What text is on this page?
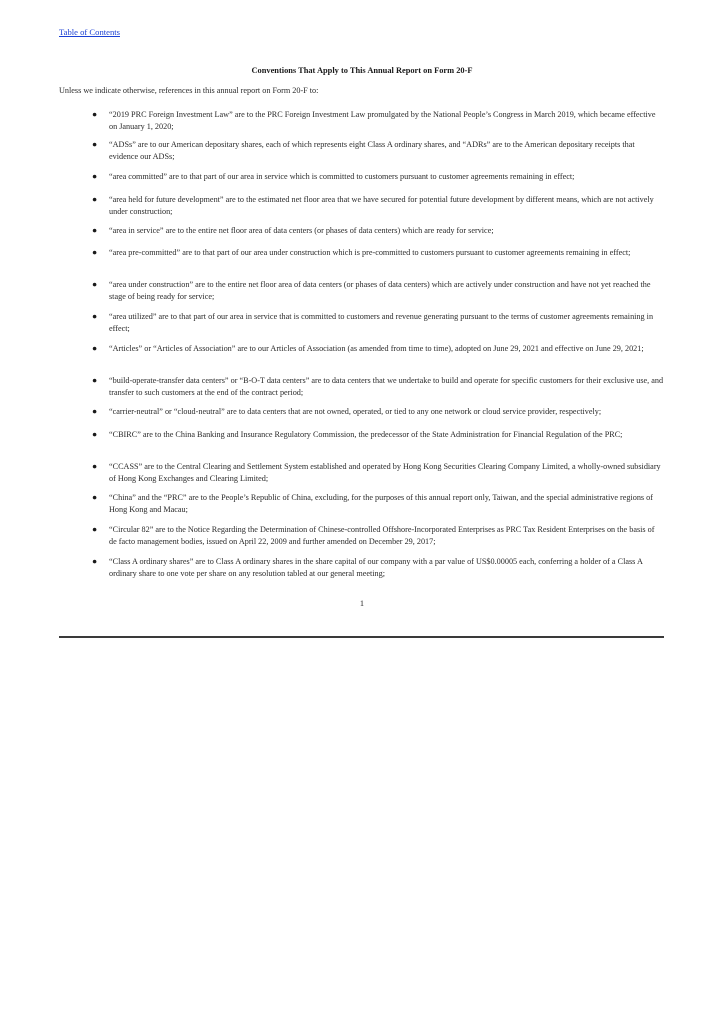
Table of Contents
Conventions That Apply to This Annual Report on Form 20-F
Unless we indicate otherwise, references in this annual report on Form 20-F to:
● “2019 PRC Foreign Investment Law” are to the PRC Foreign Investment Law promulgated by the National People’s Congress in March 2019, which became effective on January 1, 2020;
● “ADSs” are to our American depositary shares, each of which represents eight Class A ordinary shares, and “ADRs” are to the American depositary receipts that evidence our ADSs;
● “area committed” are to that part of our area in service which is committed to customers pursuant to customer agreements remaining in effect;
● “area held for future development” are to the estimated net floor area that we have secured for potential future development by different means, which are not actively under construction;
● “area in service” are to the entire net floor area of data centers (or phases of data centers) which are ready for service;
● “area pre-committed” are to that part of our area under construction which is pre-committed to customers pursuant to customer agreements remaining in effect;
● “area under construction” are to the entire net floor area of data centers (or phases of data centers) which are actively under construction and have not yet reached the stage of being ready for service;
● “area utilized” are to that part of our area in service that is committed to customers and revenue generating pursuant to the terms of customer agreements remaining in effect;
● “Articles” or “Articles of Association” are to our Articles of Association (as amended from time to time), adopted on June 29, 2021 and effective on June 29, 2021;
● “build-operate-transfer data centers” or “B-O-T data centers” are to data centers that we undertake to build and operate for specific customers for their exclusive use, and transfer to such customers at the end of the contract period;
● “carrier-neutral” or “cloud-neutral” are to data centers that are not owned, operated, or tied to any one network or cloud service provider, respectively;
● “CBIRC” are to the China Banking and Insurance Regulatory Commission, the predecessor of the State Administration for Financial Regulation of the PRC;
● “CCASS” are to the Central Clearing and Settlement System established and operated by Hong Kong Securities Clearing Company Limited, a wholly-owned subsidiary of Hong Kong Exchanges and Clearing Limited;
● “China” and the “PRC” are to the People’s Republic of China, excluding, for the purposes of this annual report only, Taiwan, and the special administrative regions of Hong Kong and Macau;
● “Circular 82” are to the Notice Regarding the Determination of Chinese-controlled Offshore-Incorporated Enterprises as PRC Tax Resident Enterprises on the basis of de facto management bodies, issued on April 22, 2009 and further amended on December 29, 2017;
● “Class A ordinary shares” are to Class A ordinary shares in the share capital of our company with a par value of US$0.00005 each, conferring a holder of a Class A ordinary share to one vote per share on any resolution tabled at our general meeting;
1
